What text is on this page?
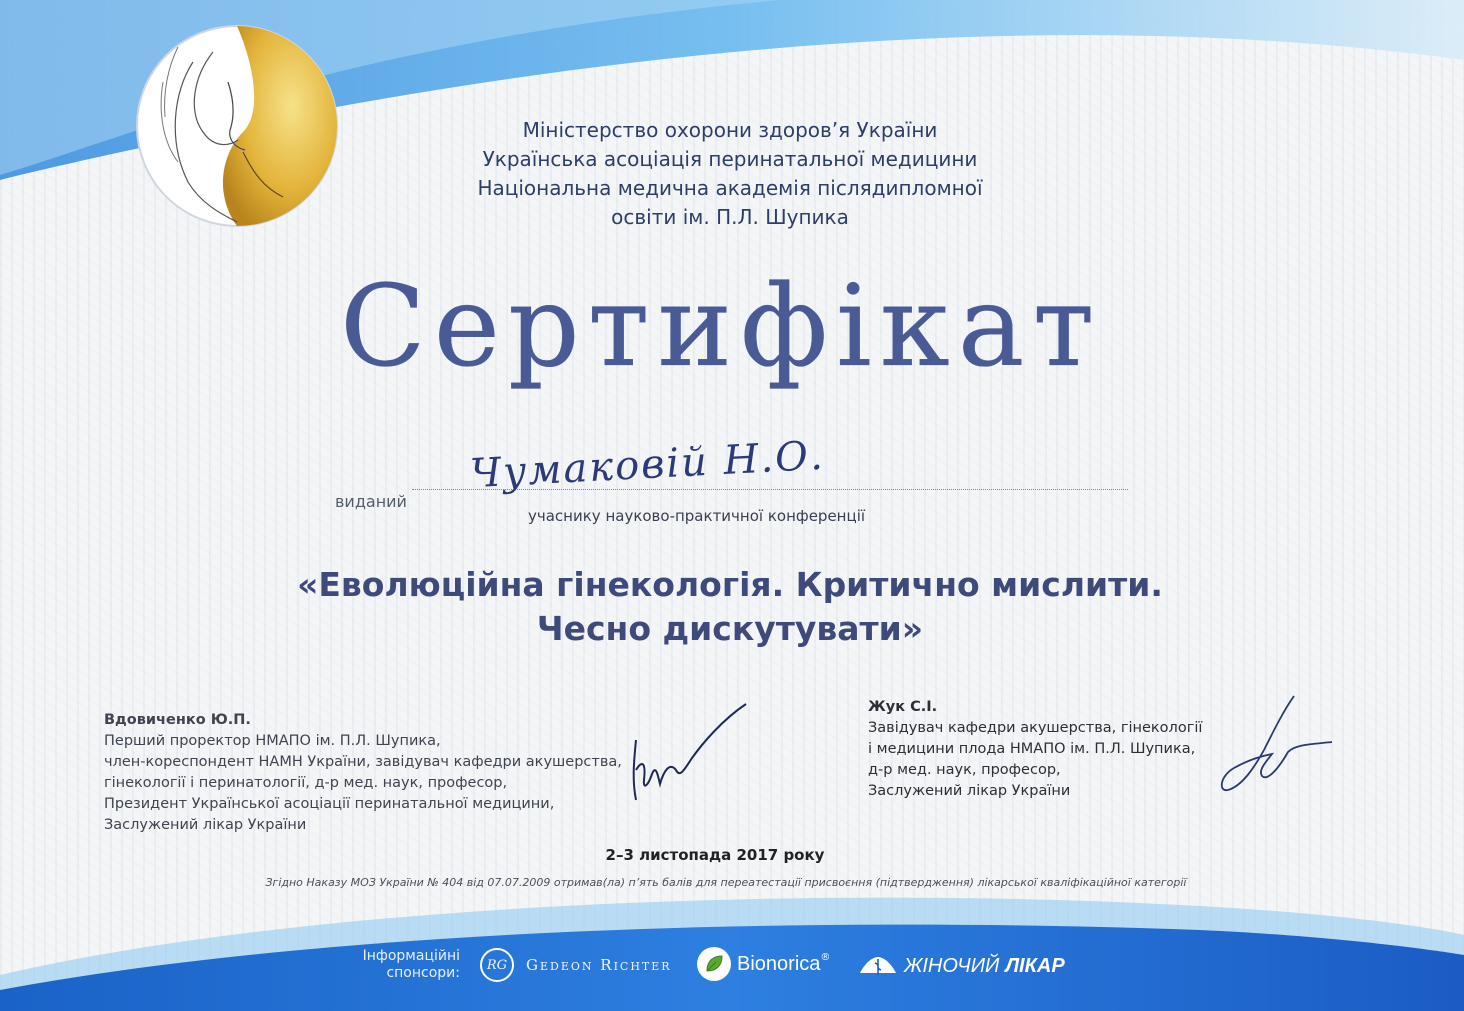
Міністерство охорони здоров’я України
Українська асоціація перинатальної медицини
Національна медична академія післядипломної
освіти ім. П.Л. Шупика
Сертифікат
виданий
Чумаковій Н.О.
учаснику науково-практичної конференції
«Еволюційна гінекологія. Критично мислити.
Чесно дискутувати»
Вдовиченко Ю.П.
Перший проректор НМАПО ім. П.Л. Шупика,
член-кореспондент НАМН України, завідувач кафедри акушерства,
гінекології і перинатології, д-р мед. наук, професор,
Президент Української асоціації перинатальної медицини,
Заслужений лікар України
Жук С.І.
Завідувач кафедри акушерства, гінекології
і медицини плода НМАПО ім. П.Л. Шупика,
д-р мед. наук, професор,
Заслужений лікар України
2–3 листопада 2017 року
Згідно Наказу МОЗ України № 404 від 07.07.2009 отримав(ла) п’ять балів для переатестації присвоєння (підтвердження) лікарської кваліфікаційної категорії
Інформаційні
спонсори:	RG	Gedeon Richter	Bionorica ®	ЖІНОЧИЙ ЛІКАР
